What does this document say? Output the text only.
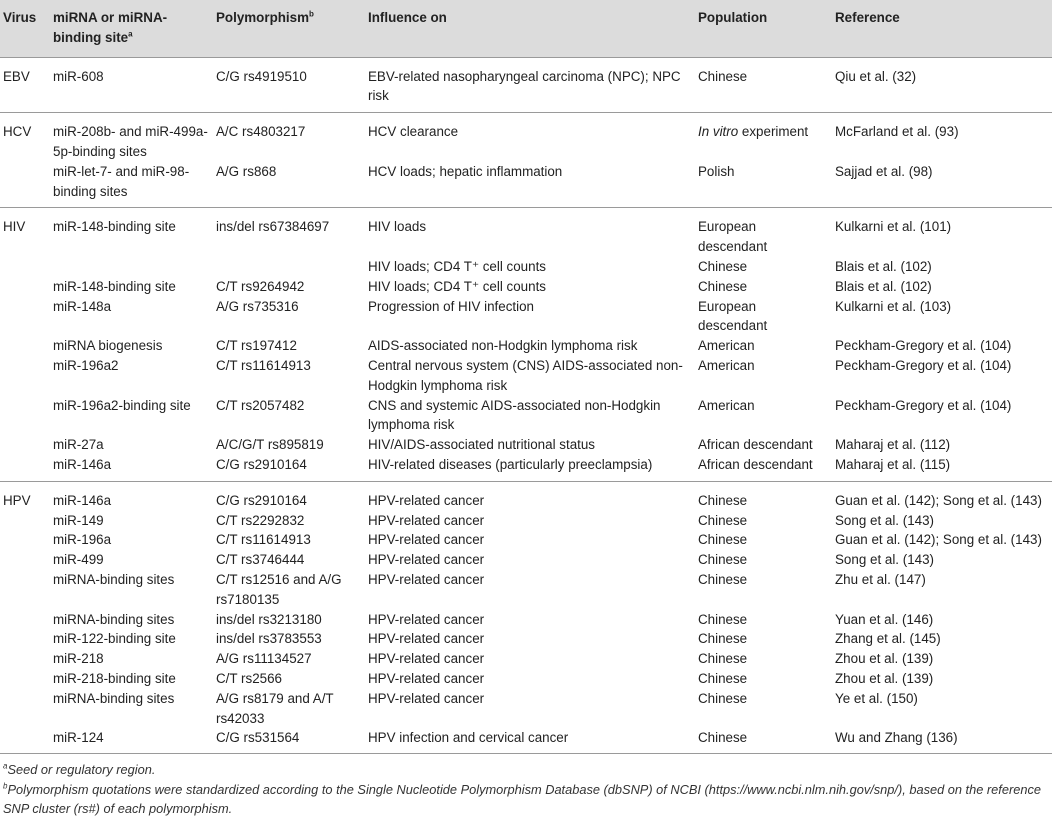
Virus	miRNA or miRNA-binding site$^a$	Polymorphism$^b$	Influence on	Population	Reference
EBV	miR-608	C/G rs4919510	EBV-related nasopharyngeal carcinoma (NPC); NPC risk	Chinese	Qiu et al. (32)
HCV	miR-208b- and miR-499a-5p-binding sites	A/C rs4803217	HCV clearance	In vitro experiment	McFarland et al. (93)
	miR-let-7- and miR-98-binding sites	A/G rs868	HCV loads; hepatic inflammation	Polish	Sajjad et al. (98)
HIV	miR-148-binding site	ins/del rs67384697	HIV loads	European descendant	Kulkarni et al. (101)
			HIV loads; CD4 T⁺ cell counts	Chinese	Blais et al. (102)
	miR-148-binding site	C/T rs9264942	HIV loads; CD4 T⁺ cell counts	Chinese	Blais et al. (102)
	miR-148a	A/G rs735316	Progression of HIV infection	European descendant	Kulkarni et al. (103)
	miRNA biogenesis	C/T rs197412	AIDS-associated non-Hodgkin lymphoma risk	American	Peckham-Gregory et al. (104)
	miR-196a2	C/T rs11614913	Central nervous system (CNS) AIDS-associated non-Hodgkin lymphoma risk	American	Peckham-Gregory et al. (104)
	miR-196a2-binding site	C/T rs2057482	CNS and systemic AIDS-associated non-Hodgkin lymphoma risk	American	Peckham-Gregory et al. (104)
	miR-27a	A/C/G/T rs895819	HIV/AIDS-associated nutritional status	African descendant	Maharaj et al. (112)
	miR-146a	C/G rs2910164	HIV-related diseases (particularly preeclampsia)	African descendant	Maharaj et al. (115)
HPV	miR-146a	C/G rs2910164	HPV-related cancer	Chinese	Guan et al. (142); Song et al. (143)
	miR-149	C/T rs2292832	HPV-related cancer	Chinese	Song et al. (143)
	miR-196a	C/T rs11614913	HPV-related cancer	Chinese	Guan et al. (142); Song et al. (143)
	miR-499	C/T rs3746444	HPV-related cancer	Chinese	Song et al. (143)
	miRNA-binding sites	C/T rs12516 and A/G rs7180135	HPV-related cancer	Chinese	Zhu et al. (147)
	miRNA-binding sites	ins/del rs3213180	HPV-related cancer	Chinese	Yuan et al. (146)
	miR-122-binding site	ins/del rs3783553	HPV-related cancer	Chinese	Zhang et al. (145)
	miR-218	A/G rs11134527	HPV-related cancer	Chinese	Zhou et al. (139)
	miR-218-binding site	C/T rs2566	HPV-related cancer	Chinese	Zhou et al. (139)
	miRNA-binding sites	A/G rs8179 and A/T rs42033	HPV-related cancer	Chinese	Ye et al. (150)
	miR-124	C/G rs531564	HPV infection and cervical cancer	Chinese	Wu and Zhang (136)
$^a$Seed or regulatory region.
$^b$Polymorphism quotations were standardized according to the Single Nucleotide Polymorphism Database (dbSNP) of NCBI (https://www.ncbi.nlm.nih.gov/snp/), based on the reference SNP cluster (rs#) of each polymorphism.
